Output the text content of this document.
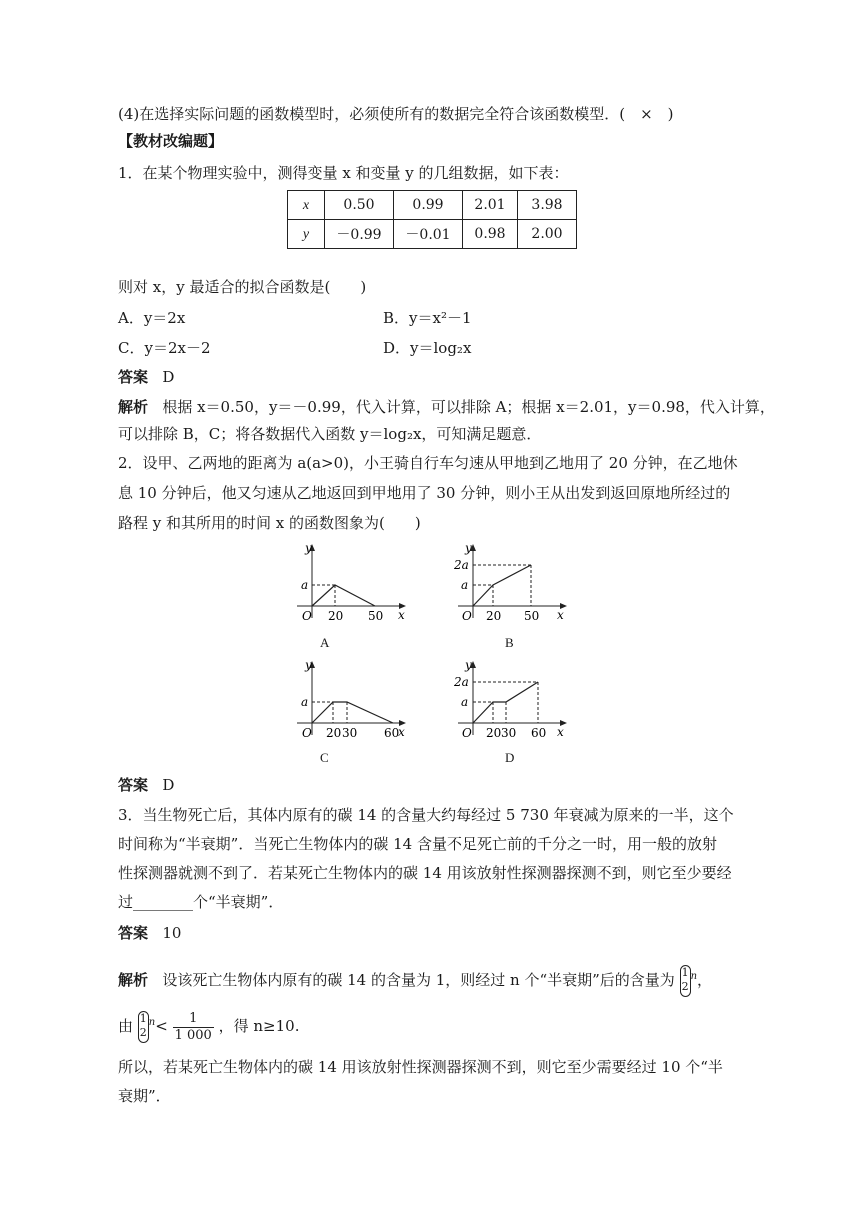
(4)在选择实际问题的函数模型时，必须使所有的数据完全符合该函数模型．(　×　)
【教材改编题】
1．在某个物理实验中，测得变量 x 和变量 y 的几组数据，如下表：
x	0.50	0.99	2.01	3.98
y	－0.99	－0.01	0.98	2.00
则对 x，y 最适合的拟合函数是(　　)
A．y＝2x	B．y＝x²－1
C．y＝2x－2	D．y＝log₂x
答案 D
解析 根据 x＝0.50，y＝－0.99，代入计算，可以排除 A；根据 x＝2.01，y＝0.98，代入计算，
可以排除 B，C；将各数据代入函数 y＝log₂x，可知满足题意．
2．设甲、乙两地的距离为 a(a>0)，小王骑自行车匀速从甲地到乙地用了 20 分钟，在乙地休
息 10 分钟后，他又匀速从乙地返回到甲地用了 30 分钟，则小王从出发到返回原地所经过的
路程 y 和其所用的时间 x 的函数图象为(　　)
y
a
O 20 50 x
A
y
2a
a
O 20 50 x
B
y
a
O 20 30 60
x
C
y
2a
a
O 20 30 60 x
D
答案 D
3．当生物死亡后，其体内原有的碳 14 的含量大约每经过 5 730 年衰减为原来的一半，这个
时间称为“半衰期”．当死亡生物体内的碳 14 含量不足死亡前的千分之一时，用一般的放射
性探测器就测不到了．若某死亡生物体内的碳 14 用该放射性探测器探测不到，则它至少要经
过________个“半衰期”．
答案 10
解析 设该死亡生物体内原有的碳 14 的含量为 1，则经过 n 个“半衰期”后的含量为 1
2$^n$，
由 1
$2^n< \frac{1}{1 000}$ ，得 n≥10.
所以，若某死亡生物体内的碳 14 用该放射性探测器探测不到，则它至少需要经过 10 个“半
衰期”．
